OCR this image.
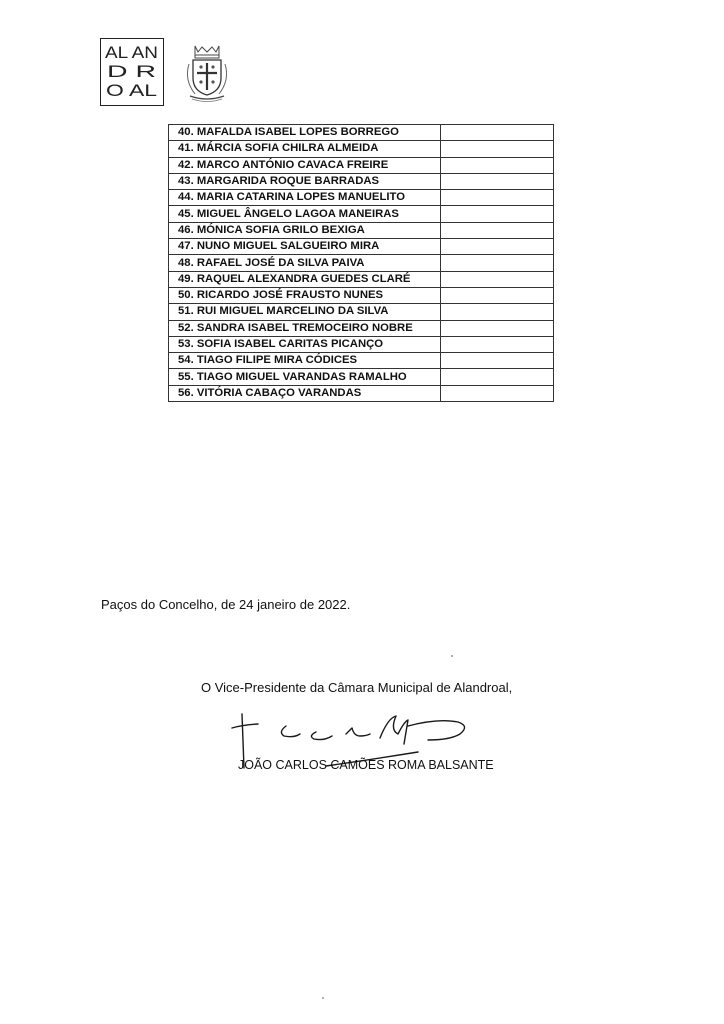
AL AN
D R
O AL
40. MAFALDA ISABEL LOPES BORREGO	
41. MÁRCIA SOFIA CHILRA ALMEIDA	
42. MARCO ANTÓNIO CAVACA FREIRE	
43. MARGARIDA ROQUE BARRADAS	
44. MARIA CATARINA LOPES MANUELITO	
45. MIGUEL ÂNGELO LAGOA MANEIRAS	
46. MÓNICA SOFIA GRILO BEXIGA	
47. NUNO MIGUEL SALGUEIRO MIRA	
48. RAFAEL JOSÉ DA SILVA PAIVA	
49. RAQUEL ALEXANDRA GUEDES CLARÉ	
50. RICARDO JOSÉ FRAUSTO NUNES	
51. RUI MIGUEL MARCELINO DA SILVA	
52. SANDRA ISABEL TREMOCEIRO NOBRE	
53. SOFIA ISABEL CARITAS PICANÇO	
54. TIAGO FILIPE MIRA CÓDICES	
55. TIAGO MIGUEL VARANDAS RAMALHO	
56. VITÓRIA CABAÇO VARANDAS	
Paços do Concelho, de 24 janeiro de 2022.
O Vice-Presidente da Câmara Municipal de Alandroal,
JOÃO CARLOS CAMÕES ROMA BALSANTE
